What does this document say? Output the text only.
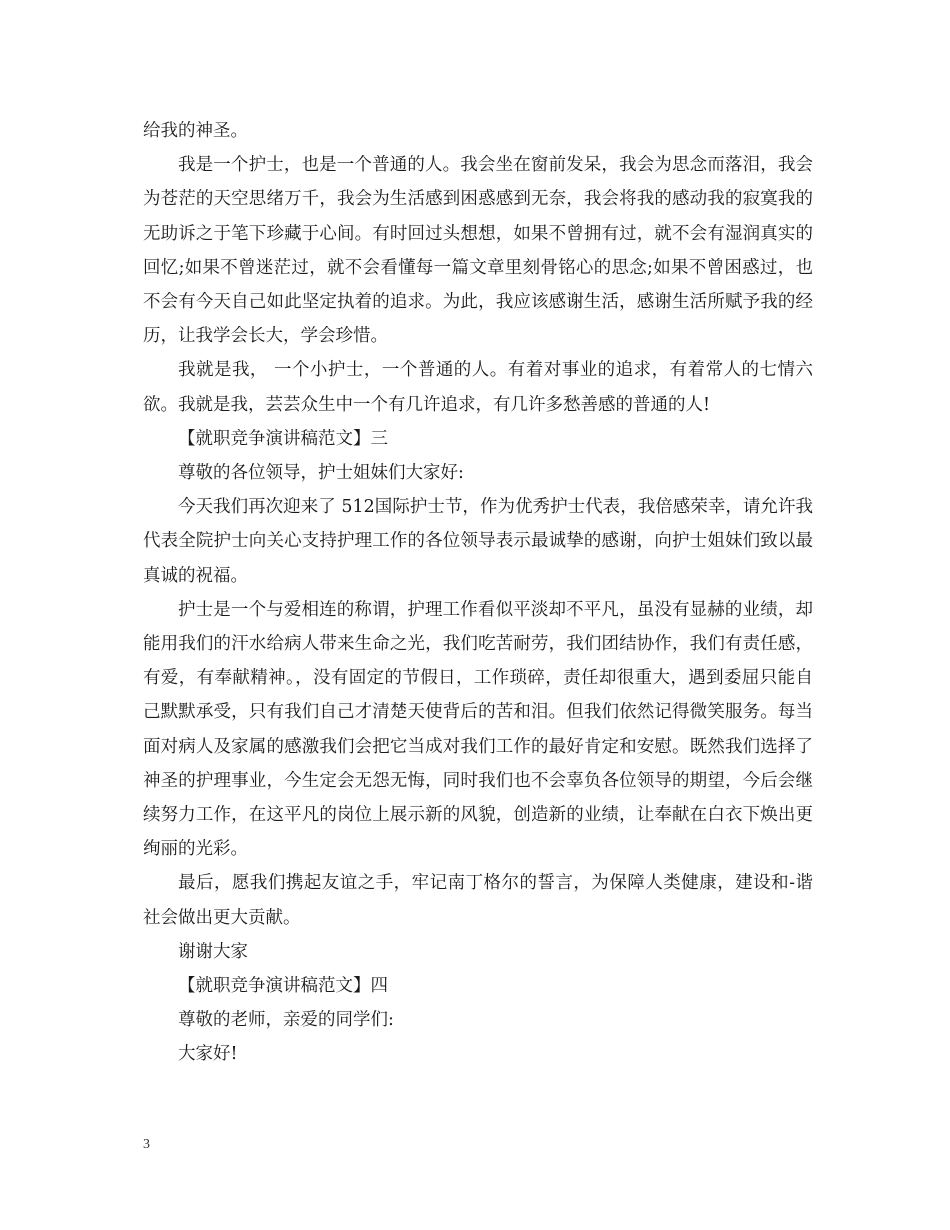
给我的神圣。

我是一个护士，也是一个普通的人。我会坐在窗前发呆，我会为思念而落泪，我会为苍茫的天空思绪万千，我会为生活感到困惑感到无奈，我会将我的感动我的寂寞我的无助诉之于笔下珍藏于心间。有时回过头想想，如果不曾拥有过，就不会有湿润真实的回忆;如果不曾迷茫过，就不会看懂每一篇文章里刻骨铭心的思念;如果不曾困惑过，也不会有今天自己如此坚定执着的追求。为此，我应该感谢生活，感谢生活所赋予我的经历，让我学会长大，学会珍惜。

我就是我， 一个小护士，一个普通的人。有着对事业的追求，有着常人的七情六欲。我就是我，芸芸众生中一个有几许追求，有几许多愁善感的普通的人!

【就职竞争演讲稿范文】三

尊敬的各位领导，护士姐妹们大家好:

今天我们再次迎来了 512国际护士节，作为优秀护士代表，我倍感荣幸，请允许我代表全院护士向关心支持护理工作的各位领导表示最诚挚的感谢，向护士姐妹们致以最真诚的祝福。

护士是一个与爱相连的称谓，护理工作看似平淡却不平凡，虽没有显赫的业绩，却能用我们的汗水给病人带来生命之光，我们吃苦耐劳，我们团结协作，我们有责任感，有爱，有奉献精神。，没有固定的节假日，工作琐碎，责任却很重大，遇到委屈只能自己默默承受，只有我们自己才清楚天使背后的苦和泪。但我们依然记得微笑服务。每当面对病人及家属的感激我们会把它当成对我们工作的最好肯定和安慰。既然我们选择了神圣的护理事业，今生定会无怨无悔，同时我们也不会辜负各位领导的期望，今后会继续努力工作，在这平凡的岗位上展示新的风貌，创造新的业绩，让奉献在白衣下焕出更绚丽的光彩。

最后，愿我们携起友谊之手，牢记南丁格尔的誓言，为保障人类健康，建设和-谐社会做出更大贡献。

谢谢大家

【就职竞争演讲稿范文】四

尊敬的老师，亲爱的同学们:

大家好!

3
